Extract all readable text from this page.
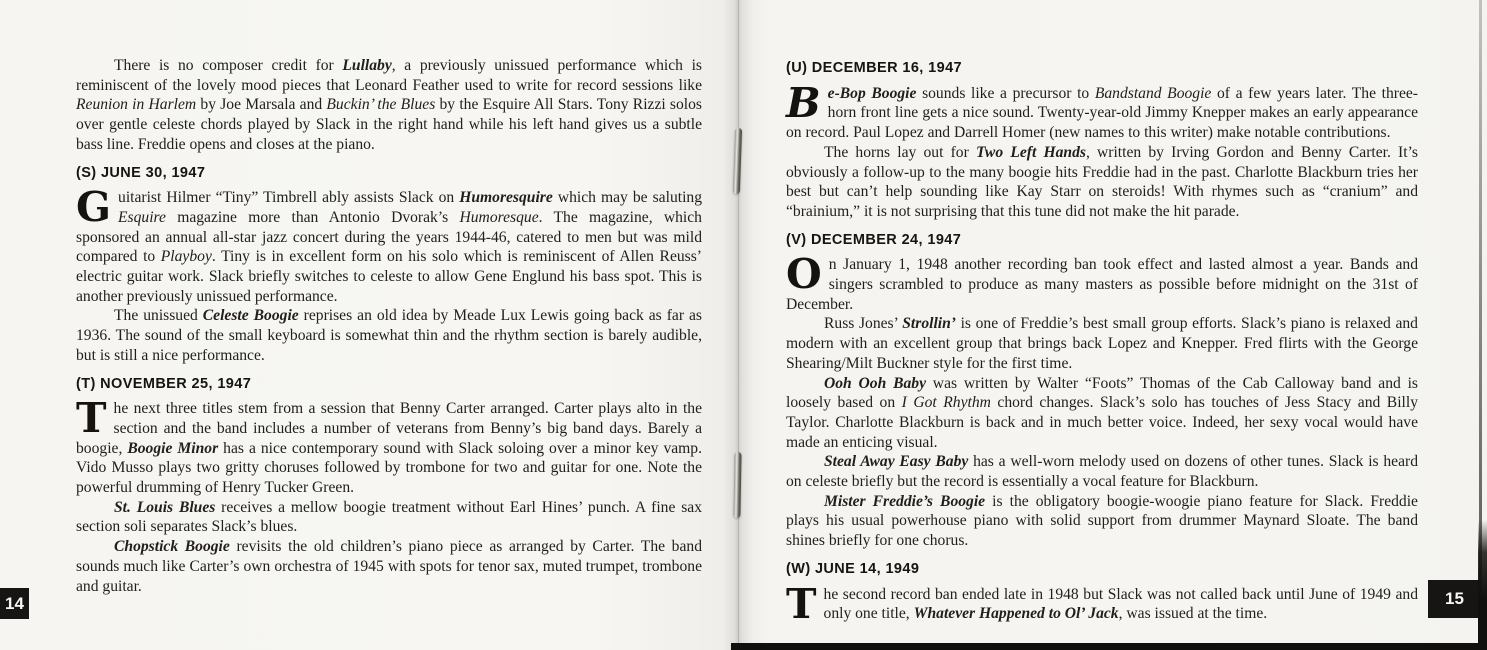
There is no composer credit for Lullaby, a previously unissued performance which is reminiscent of the lovely mood pieces that Leonard Feather used to write for record sessions like Reunion in Harlem by Joe Marsala and Buckin’ the Blues by the Esquire All Stars. Tony Rizzi solos over gentle celeste chords played by Slack in the right hand while his left hand gives us a subtle bass line. Freddie opens and closes at the piano.

(S) JUNE 30, 1947

Guitarist Hilmer “Tiny” Timbrell ably assists Slack on Humoresquire which may be saluting Esquire magazine more than Antonio Dvorak’s Humoresque. The magazine, which sponsored an annual all-star jazz concert during the years 1944-46, catered to men but was mild compared to Playboy. Tiny is in excellent form on his solo which is reminiscent of Allen Reuss’ electric guitar work. Slack briefly switches to celeste to allow Gene Englund his bass spot. This is another previously unissued performance.

The unissued Celeste Boogie reprises an old idea by Meade Lux Lewis going back as far as 1936. The sound of the small keyboard is somewhat thin and the rhythm section is barely audible, but is still a nice performance.

(T) NOVEMBER 25, 1947

The next three titles stem from a session that Benny Carter arranged. Carter plays alto in the section and the band includes a number of veterans from Benny’s big band days. Barely a boogie, Boogie Minor has a nice contemporary sound with Slack soloing over a minor key vamp. Vido Musso plays two gritty choruses followed by trombone for two and guitar for one. Note the powerful drumming of Henry Tucker Green.

St. Louis Blues receives a mellow boogie treatment without Earl Hines’ punch. A fine sax section soli separates Slack’s blues.

Chopstick Boogie revisits the old children’s piano piece as arranged by Carter. The band sounds much like Carter’s own orchestra of 1945 with spots for tenor sax, muted trumpet, trombone and guitar.

(U) DECEMBER 16, 1947

Be-Bop Boogie sounds like a precursor to Bandstand Boogie of a few years later. The three-horn front line gets a nice sound. Twenty-year-old Jimmy Knepper makes an early appearance on record. Paul Lopez and Darrell Homer (new names to this writer) make notable contributions.

The horns lay out for Two Left Hands, written by Irving Gordon and Benny Carter. It’s obviously a follow-up to the many boogie hits Freddie had in the past. Charlotte Blackburn tries her best but can’t help sounding like Kay Starr on steroids! With rhymes such as “cranium” and “brainium,” it is not surprising that this tune did not make the hit parade.

(V) DECEMBER 24, 1947

On January 1, 1948 another recording ban took effect and lasted almost a year. Bands and singers scrambled to produce as many masters as possible before midnight on the 31st of December.

Russ Jones’ Strollin’ is one of Freddie’s best small group efforts. Slack’s piano is relaxed and modern with an excellent group that brings back Lopez and Knepper. Fred flirts with the George Shearing/Milt Buckner style for the first time.

Ooh Ooh Baby was written by Walter “Foots” Thomas of the Cab Calloway band and is loosely based on I Got Rhythm chord changes. Slack’s solo has touches of Jess Stacy and Billy Taylor. Charlotte Blackburn is back and in much better voice. Indeed, her sexy vocal would have made an enticing visual.

Steal Away Easy Baby has a well-worn melody used on dozens of other tunes. Slack is heard on celeste briefly but the record is essentially a vocal feature for Blackburn.

Mister Freddie’s Boogie is the obligatory boogie-woogie piano feature for Slack. Freddie plays his usual powerhouse piano with solid support from drummer Maynard Sloate. The band shines briefly for one chorus.

(W) JUNE 14, 1949

The second record ban ended late in 1948 but Slack was not called back until June of 1949 and only one title, Whatever Happened to Ol’ Jack, was issued at the time.

14	15
